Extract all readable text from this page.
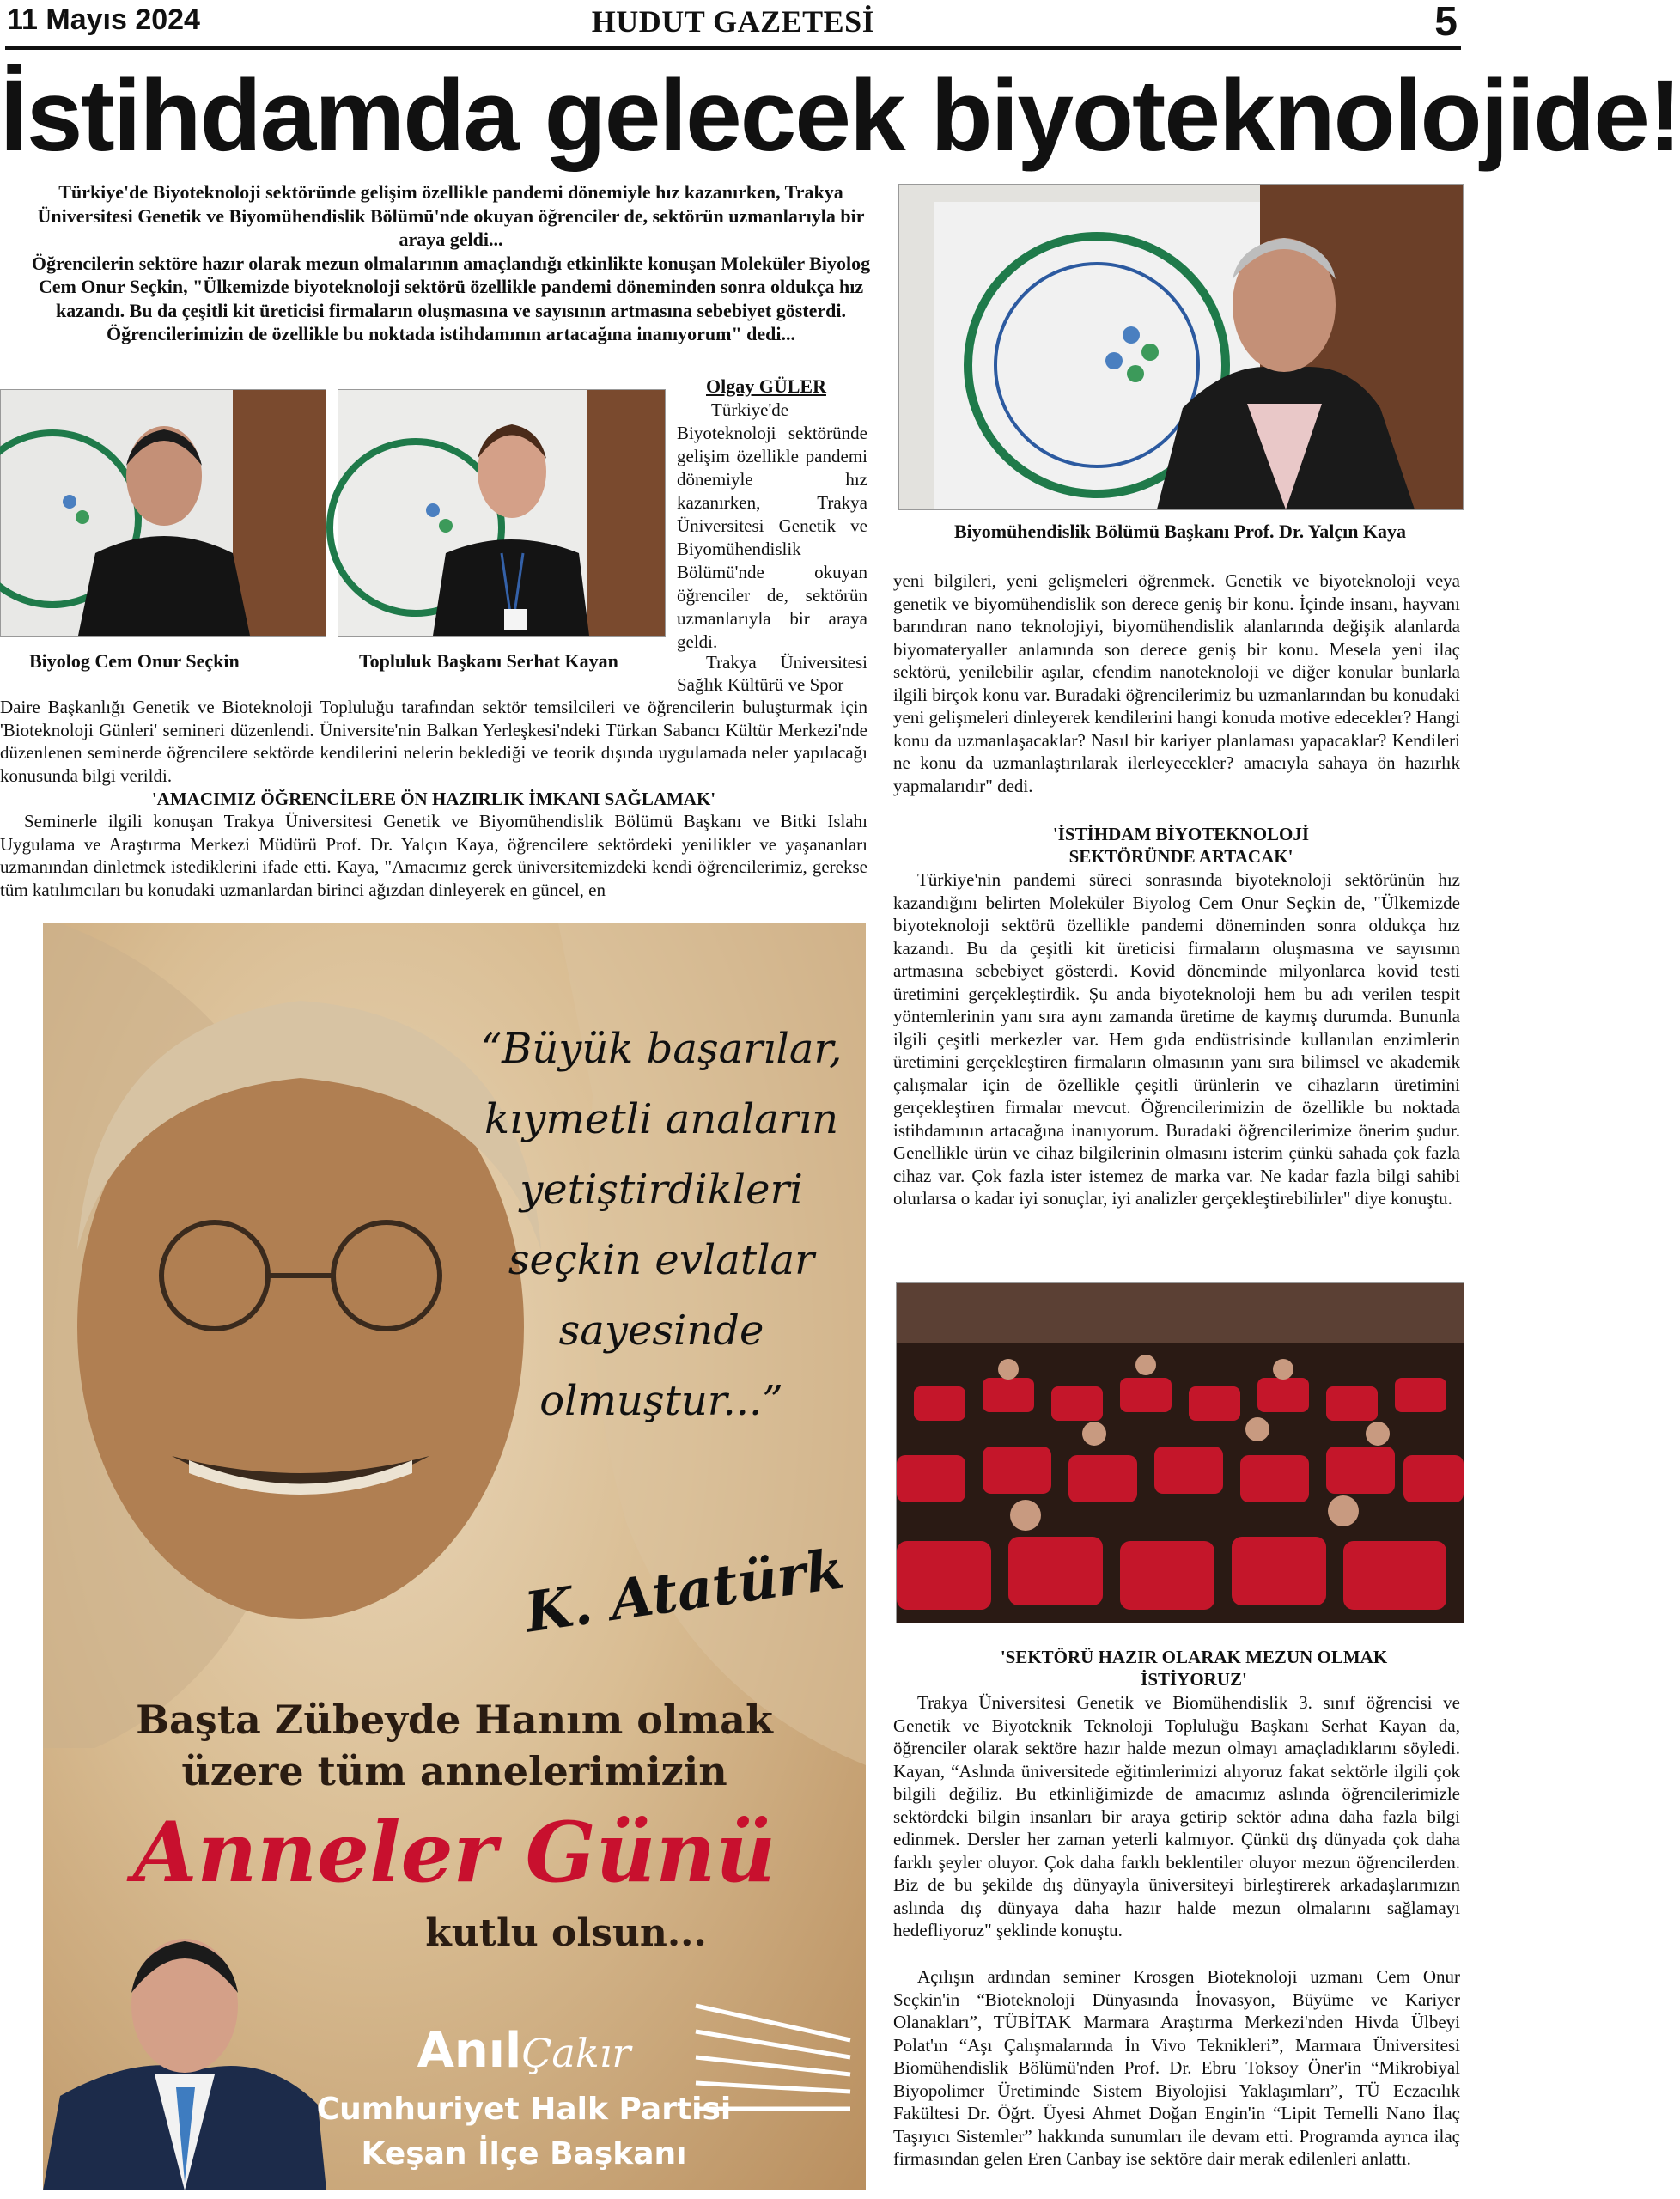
11 Mayıs 2024	HUDUT GAZETESİ	5
İstihdamda gelecek biyoteknolojide!

Türkiye'de Biyoteknoloji sektöründe gelişim özellikle pandemi dönemiyle hız kazanırken, Trakya Üniversitesi Genetik ve Biyomühendislik Bölümü'nde okuyan öğrenciler de, sektörün uzmanlarıyla bir araya geldi...

Öğrencilerin sektöre hazır olarak mezun olmalarının amaçlandığı etkinlikte konuşan Moleküler Biyolog Cem Onur Seçkin, "Ülkemizde biyoteknoloji sektörü özellikle pandemi döneminden sonra oldukça hız kazandı. Bu da çeşitli kit üreticisi firmaların oluşmasına ve sayısının artmasına sebebiyet gösterdi. Öğrencilerimizin de özellikle bu noktada istihdamının artacağına inanıyorum" dedi...

Biyomühendislik Bölümü Başkanı Prof. Dr. Yalçın Kaya
Biyolog Cem Onur Seçkin	Topluluk Başkanı Serhat Kayan
Olgay GÜLER

Türkiye'de Biyoteknoloji sektöründe gelişim özellikle pandemi dönemiyle hız kazanırken, Trakya Üniversitesi Genetik ve Biyomühendislik Bölümü'nde okuyan öğrenciler de, sektörün uzmanlarıyla bir araya geldi.

Trakya Üniversitesi Sağlık Kültürü ve Spor

Daire Başkanlığı Genetik ve Bioteknoloji Topluluğu tarafından sektör temsilcileri ve öğrencilerin buluşturmak için 'Bioteknoloji Günleri' semineri düzenlendi. Üniversite'nin Balkan Yerleşkesi'ndeki Türkan Sabancı Kültür Merkezi'nde düzenlenen seminerde öğrencilere sektörde kendilerini nelerin beklediği ve teorik dışında uygulamada neler yapılacağı konusunda bilgi verildi.

'AMACIMIZ ÖĞRENCİLERE ÖN HAZIRLIK İMKANI SAĞLAMAK'

Seminerle ilgili konuşan Trakya Üniversitesi Genetik ve Biyomühendislik Bölümü Başkanı ve Bitki Islahı Uygulama ve Araştırma Merkezi Müdürü Prof. Dr. Yalçın Kaya, öğrencilere sektördeki yenilikler ve yaşananları uzmanından dinletmek istediklerini ifade etti. Kaya, "Amacımız gerek üniversitemizdeki kendi öğrencilerimiz, gerekse tüm katılımcıları bu konudaki uzmanlardan birinci ağızdan dinleyerek en güncel, en

yeni bilgileri, yeni gelişmeleri öğrenmek. Genetik ve biyoteknoloji veya genetik ve biyomühendislik son derece geniş bir konu. İçinde insanı, hayvanı barındıran nano teknolojiyi, biyomühendislik alanlarında değişik alanlarda biyomateryaller anlamında son derece geniş bir konu. Mesela yeni ilaç sektörü, yenilebilir aşılar, efendim nanoteknoloji ve diğer konular bunlarla ilgili birçok konu var. Buradaki öğrencilerimiz bu uzmanlarından bu konudaki yeni gelişmeleri dinleyerek kendilerini hangi konuda motive edecekler? Hangi konu da uzmanlaşacaklar? Nasıl bir kariyer planlaması yapacaklar? Kendileri ne konu da uzmanlaştırılarak ilerleyecekler? amacıyla sahaya ön hazırlık yapmalarıdır" dedi.

'İSTİHDAM BİYOTEKNOLOJİ SEKTÖRÜNDE ARTACAK'

Türkiye'nin pandemi süreci sonrasında biyoteknoloji sektörünün hız kazandığını belirten Moleküler Biyolog Cem Onur Seçkin de, "Ülkemizde biyoteknoloji sektörü özellikle pandemi döneminden sonra oldukça hız kazandı. Bu da çeşitli kit üreticisi firmaların oluşmasına ve sayısının artmasına sebebiyet gösterdi. Kovid döneminde milyonlarca kovid testi üretimini gerçekleştirdik. Şu anda biyoteknoloji hem bu adı verilen tespit yöntemlerinin yanı sıra aynı zamanda üretime de kaymış durumda. Bununla ilgili çeşitli merkezler var. Hem gıda endüstrisinde kullanılan enzimlerin üretimini gerçekleştiren firmaların olmasının yanı sıra bilimsel ve akademik çalışmalar için de özellikle çeşitli ürünlerin ve cihazların üretimini gerçekleştiren firmalar mevcut. Öğrencilerimizin de özellikle bu noktada istihdamının artacağına inanıyorum. Buradaki öğrencilerimize önerim şudur. Genellikle ürün ve cihaz bilgilerinin olmasını isterim çünkü sahada çok fazla cihaz var. Çok fazla ister istemez de marka var. Ne kadar fazla bilgi sahibi olurlarsa o kadar iyi sonuçlar, iyi analizler gerçekleştirebilirler" diye konuştu.

'SEKTÖRÜ HAZIR OLARAK MEZUN OLMAK İSTİYORUZ'

Trakya Üniversitesi Genetik ve Biomühendislik 3. sınıf öğrencisi ve Genetik ve Biyoteknik Teknoloji Topluluğu Başkanı Serhat Kayan da, öğrenciler olarak sektöre hazır halde mezun olmayı amaçladıklarını söyledi. Kayan, “Aslında üniversitede eğitimlerimizi alıyoruz fakat sektörle ilgili çok bilgili değiliz. Bu etkinliğimizde de amacımız aslında öğrencilerimizle sektördeki bilgin insanları bir araya getirip sektör adına daha fazla bilgi edinmek. Dersler her zaman yeterli kalmıyor. Çünkü dış dünyada çok daha farklı şeyler oluyor. Çok daha farklı beklentiler oluyor mezun öğrencilerden. Biz de bu şekilde dış dünyayla üniversiteyi birleştirerek arkadaşlarımızın aslında dış dünyaya daha hazır halde mezun olmalarını sağlamayı hedefliyoruz" şeklinde konuştu.

Açılışın ardından seminer Krosgen Bioteknoloji uzmanı Cem Onur Seçkin'in “Bioteknoloji Dünyasında İnovasyon, Büyüme ve Kariyer Olanakları”, TÜBİTAK Marmara Araştırma Merkezi'nden Hivda Ülbeyi Polat'ın “Aşı Çalışmalarında İn Vivo Teknikleri”, Marmara Üniversitesi Biomühendislik Bölümü'nden Prof. Dr. Ebru Toksoy Öner'in “Mikrobiyal Biyopolimer Üretiminde Sistem Biyolojisi Yaklaşımları”, TÜ Eczacılık Fakültesi Dr. Öğrt. Üyesi Ahmet Doğan Engin'in “Lipit Temelli Nano İlaç Taşıyıcı Sistemler” hakkında sunumları ile devam etti. Programda ayrıca ilaç firmasından gelen Eren Canbay ise sektöre dair merak edilenleri anlattı.

“Büyük başarılar,
kıymetli anaların
yetiştirdikleri
seçkin evlatlar
sayesinde
olmuştur...”
K. Atatürk
Başta Zübeyde Hanım olmak
üzere tüm annelerimizin
Anneler Günü
kutlu olsun...
AnılÇakır
Cumhuriyet Halk Partisi
Keşan İlçe Başkanı
